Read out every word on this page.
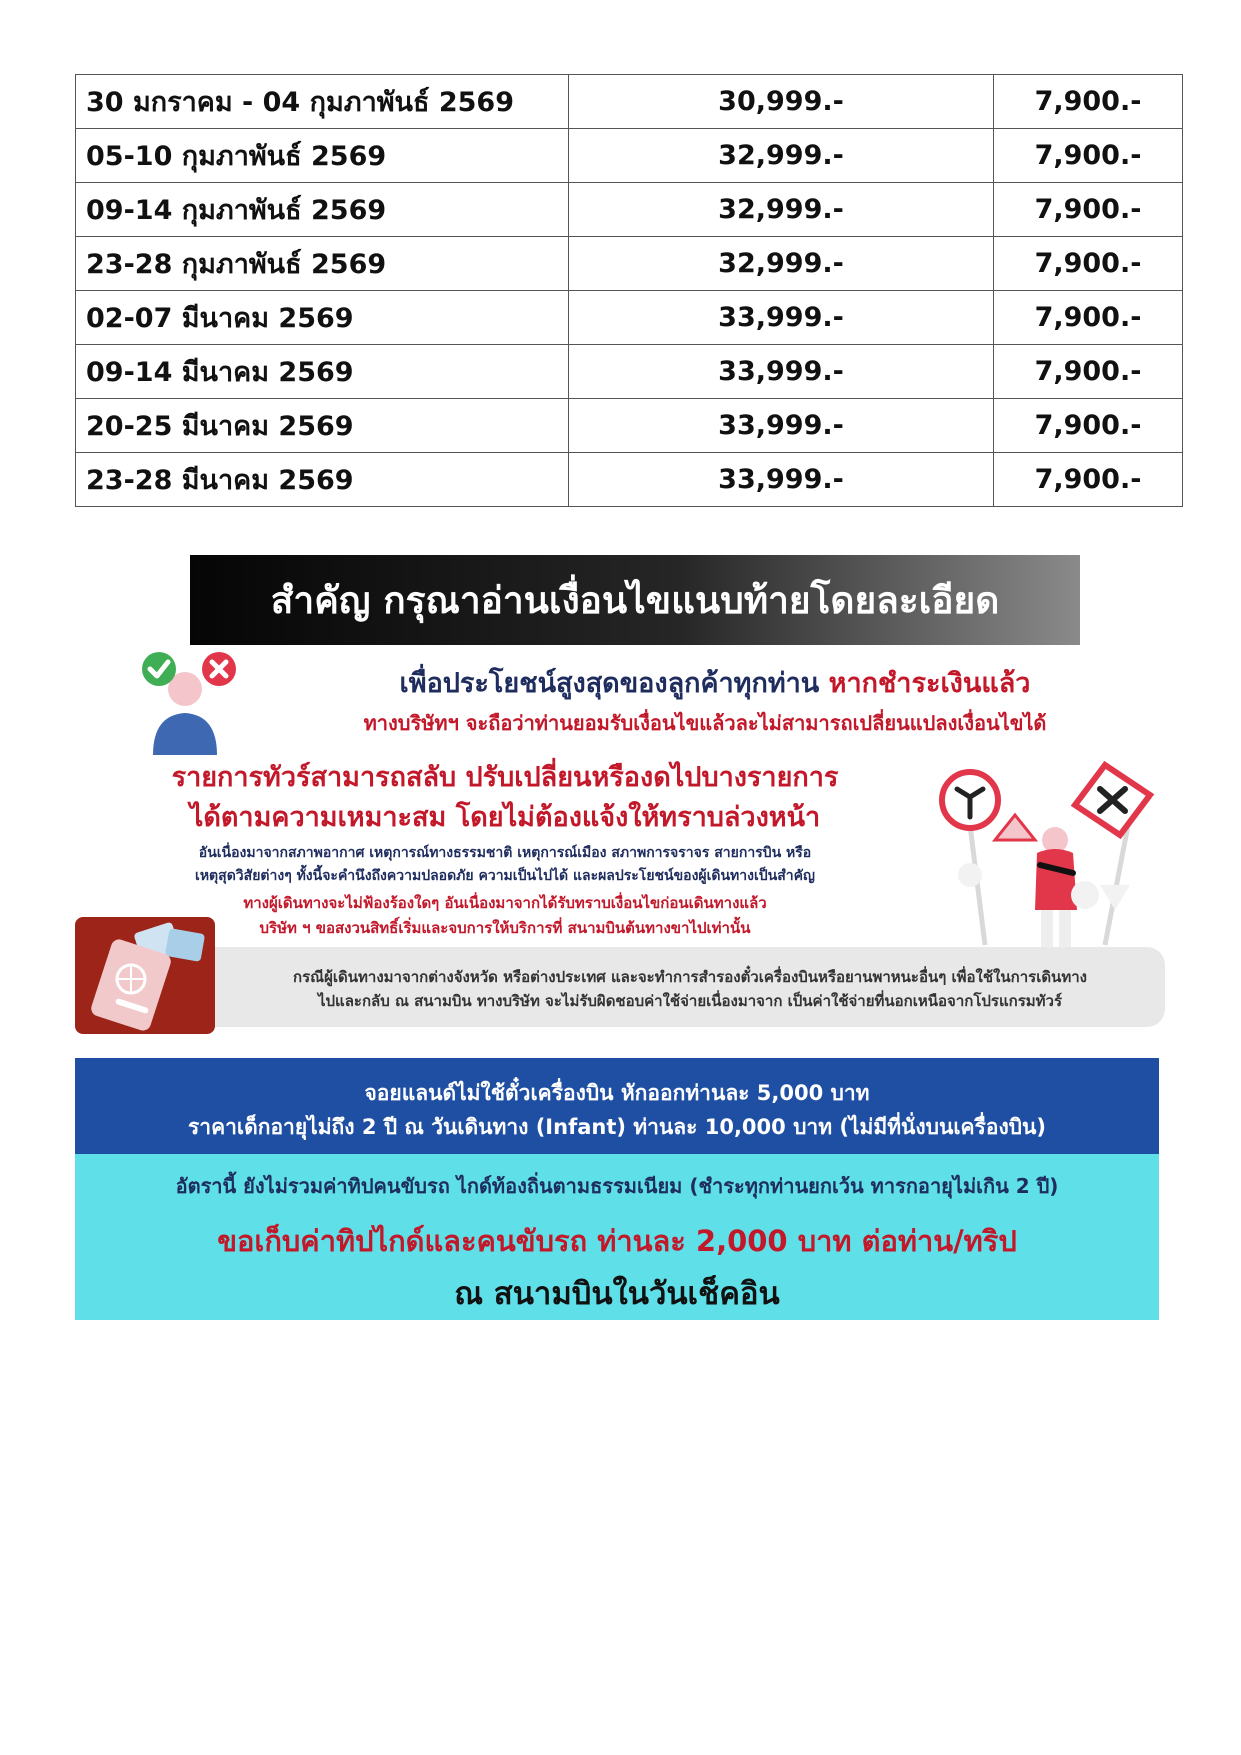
30 มกราคม - 04 กุมภาพันธ์ 2569	30,999.-	7,900.-
05-10 กุมภาพันธ์ 2569	32,999.-	7,900.-
09-14 กุมภาพันธ์ 2569	32,999.-	7,900.-
23-28 กุมภาพันธ์ 2569	32,999.-	7,900.-
02-07 มีนาคม 2569	33,999.-	7,900.-
09-14 มีนาคม 2569	33,999.-	7,900.-
20-25 มีนาคม 2569	33,999.-	7,900.-
23-28 มีนาคม 2569	33,999.-	7,900.-
สำคัญ กรุณาอ่านเงื่อนไขแนบท้ายโดยละเอียด
เพื่อประโยชน์สูงสุดของลูกค้าทุกท่าน หากชำระเงินแล้ว
ทางบริษัทฯ จะถือว่าท่านยอมรับเงื่อนไขแล้วละไม่สามารถเปลี่ยนแปลงเงื่อนไขได้
รายการทัวร์สามารถสลับ ปรับเปลี่ยนหรืองดไปบางรายการ
ได้ตามความเหมาะสม โดยไม่ต้องแจ้งให้ทราบล่วงหน้า
อันเนื่องมาจากสภาพอากาศ เหตุการณ์ทางธรรมชาติ เหตุการณ์เมือง สภาพการจราจร สายการบิน หรือ
เหตุสุดวิสัยต่างๆ ทั้งนี้จะคำนึงถึงความปลอดภัย ความเป็นไปได้ และผลประโยชน์ของผู้เดินทางเป็นสำคัญ
ทางผู้เดินทางจะไม่ฟ้องร้องใดๆ อันเนื่องมาจากได้รับทราบเงื่อนไขก่อนเดินทางแล้ว
บริษัท ฯ ขอสงวนสิทธิ์เริ่มและจบการให้บริการที่ สนามบินต้นทางขาไปเท่านั้น
กรณีผู้เดินทางมาจากต่างจังหวัด หรือต่างประเทศ และจะทำการสำรองตั๋วเครื่องบินหรือยานพาหนะอื่นๆ เพื่อใช้ในการเดินทาง
ไปและกลับ ณ สนามบิน ทางบริษัท จะไม่รับผิดชอบค่าใช้จ่ายเนื่องมาจาก เป็นค่าใช้จ่ายที่นอกเหนือจากโปรแกรมทัวร์
จอยแลนด์ไม่ใช้ตั๋วเครื่องบิน หักออกท่านละ 5,000 บาท
ราคาเด็กอายุไม่ถึง 2 ปี ณ วันเดินทาง (Infant) ท่านละ 10,000 บาท (ไม่มีที่นั่งบนเครื่องบิน)
อัตรานี้ ยังไม่รวมค่าทิปคนขับรถ ไกด์ท้องถิ่นตามธรรมเนียม (ชำระทุกท่านยกเว้น ทารกอายุไม่เกิน 2 ปี)
ขอเก็บค่าทิปไกด์และคนขับรถ ท่านละ 2,000 บาท ต่อท่าน/ทริป
ณ สนามบินในวันเช็คอิน
